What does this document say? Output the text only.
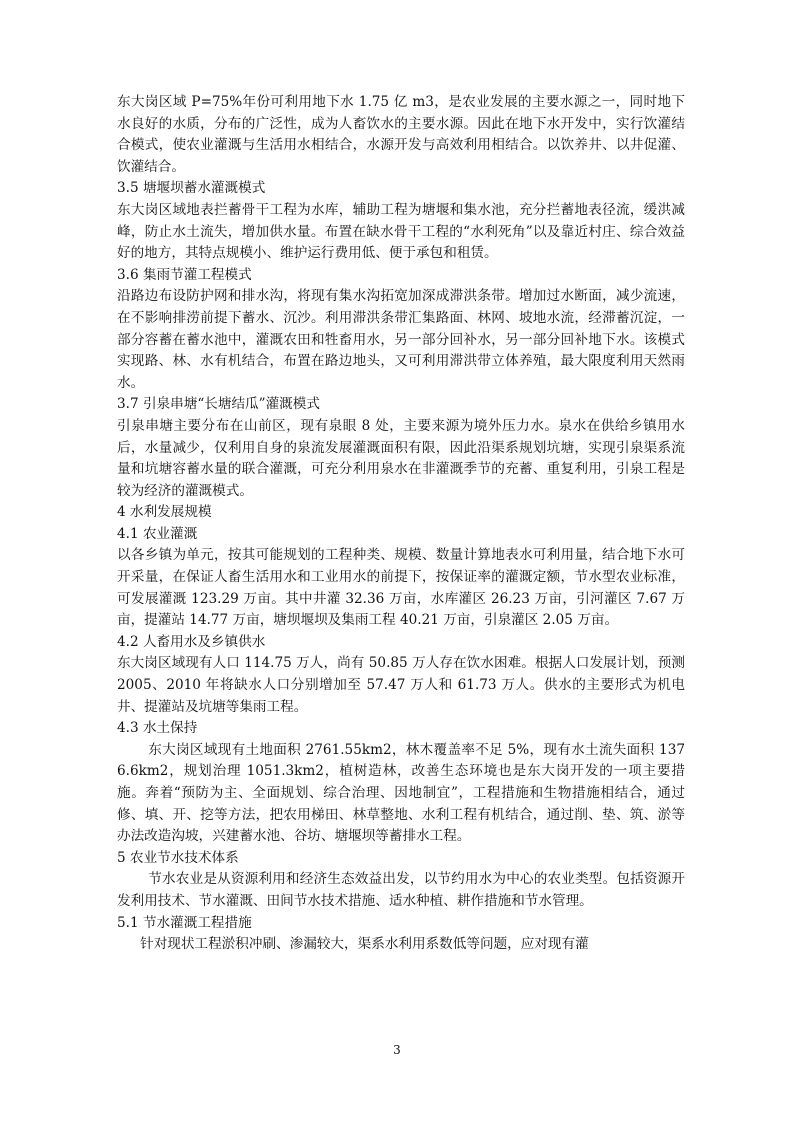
东大岗区域 P=75%年份可利用地下水 1.75 亿 m3，是农业发展的主要水源之一，同时地下水良好的水质，分布的广泛性，成为人畜饮水的主要水源。因此在地下水开发中，实行饮灌结合模式，使农业灌溉与生活用水相结合，水源开发与高效利用相结合。以饮养井、以井促灌、饮灌结合。

3.5 塘堰坝蓄水灌溉模式

东大岗区域地表拦蓄骨干工程为水库，辅助工程为塘堰和集水池，充分拦蓄地表径流，缓洪减峰，防止水土流失，增加供水量。布置在缺水骨干工程的“水利死角”以及靠近村庄、综合效益好的地方，其特点规模小、维护运行费用低、便于承包和租赁。

3.6 集雨节灌工程模式

沿路边布设防护网和排水沟，将现有集水沟拓宽加深成滞洪条带。增加过水断面，减少流速，在不影响排涝前提下蓄水、沉沙。利用滞洪条带汇集路面、林网、坡地水流，经滞蓄沉淀，一部分容蓄在蓄水池中，灌溉农田和牲畜用水，另一部分回补水，另一部分回补地下水。该模式实现路、林、水有机结合，布置在路边地头，又可利用滞洪带立体养殖，最大限度利用天然雨水。

3.7 引泉串塘“长塘结瓜”灌溉模式

引泉串塘主要分布在山前区，现有泉眼 8 处，主要来源为境外压力水。泉水在供给乡镇用水后，水量减少，仅利用自身的泉流发展灌溉面积有限，因此沿渠系规划坑塘，实现引泉渠系流量和坑塘容蓄水量的联合灌溉，可充分利用泉水在非灌溉季节的充蓄、重复利用，引泉工程是较为经济的灌溉模式。

4 水利发展规模

4.1 农业灌溉

以各乡镇为单元，按其可能规划的工程种类、规模、数量计算地表水可利用量，结合地下水可开采量，在保证人畜生活用水和工业用水的前提下，按保证率的灌溉定额，节水型农业标准，可发展灌溉 123.29 万亩。其中井灌 32.36 万亩，水库灌区 26.23 万亩，引河灌区 7.67 万亩，提灌站 14.77 万亩，塘坝堰坝及集雨工程 40.21 万亩，引泉灌区 2.05 万亩。

4.2 人畜用水及乡镇供水

东大岗区域现有人口 114.75 万人，尚有 50.85 万人存在饮水困难。根据人口发展计划，预测 2005、2010 年将缺水人口分别增加至 57.47 万人和 61.73 万人。供水的主要形式为机电井、提灌站及坑塘等集雨工程。

4.3 水土保持

东大岗区域现有土地面积 2761.55km2，林木覆盖率不足 5%，现有水土流失面积 1376.6km2，规划治理 1051.3km2，植树造林，改善生态环境也是东大岗开发的一项主要措施。奔着“预防为主、全面规划、综合治理、因地制宜”，工程措施和生物措施相结合，通过修、填、开、挖等方法，把农用梯田、林草整地、水利工程有机结合，通过削、垫、筑、淤等办法改造沟坡，兴建蓄水池、谷坊、塘堰坝等蓄排水工程。

5 农业节水技术体系

节水农业是从资源利用和经济生态效益出发，以节约用水为中心的农业类型。包括资源开发利用技术、节水灌溉、田间节水技术措施、适水种植、耕作措施和节水管理。

5.1 节水灌溉工程措施

针对现状工程淤积冲刷、渗漏较大，渠系水利用系数低等问题，应对现有灌

3
